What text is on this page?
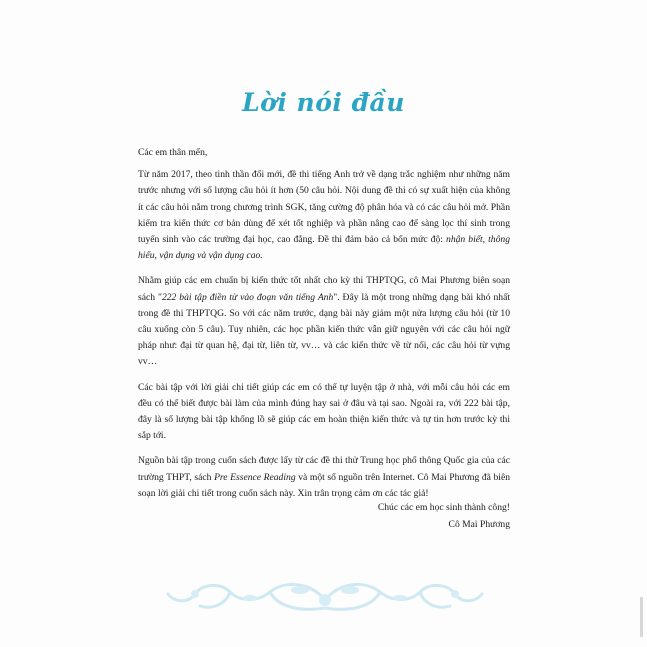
Lời nói đầu

Các em thân mến,

Từ năm 2017, theo tinh thần đổi mới, đề thi tiếng Anh trở về dạng trắc nghiệm như những năm trước nhưng với số lượng câu hỏi ít hơn (50 câu hỏi. Nội dung đề thi có sự xuất hiện của không ít các câu hỏi nằm trong chương trình SGK, tăng cường độ phân hóa và có các câu hỏi mở. Phần kiểm tra kiến thức cơ bản dùng để xét tốt nghiệp và phần nâng cao để sàng lọc thí sinh trong tuyển sinh vào các trường đại học, cao đẳng. Đề thi đảm bảo cả bốn mức độ: nhận biết, thông hiểu, vận dụng và vận dụng cao.

Nhằm giúp các em chuẩn bị kiến thức tốt nhất cho kỳ thi THPTQG, cô Mai Phương biên soạn sách "222 bài tập điền từ vào đoạn văn tiếng Anh". Đây là một trong những dạng bài khó nhất trong đề thi THPTQG. So với các năm trước, dạng bài này giảm một nửa lượng câu hỏi (từ 10 câu xuống còn 5 câu). Tuy nhiên, các học phần kiến thức vẫn giữ nguyên với các câu hỏi ngữ pháp như: đại từ quan hệ, đại từ, liên từ, vv… và các kiến thức về từ nối, các câu hỏi từ vựng vv…

Các bài tập với lời giải chi tiết giúp các em có thể tự luyện tập ở nhà, với mỗi câu hỏi các em đều có thể biết được bài làm của mình đúng hay sai ở đâu và tại sao. Ngoài ra, với 222 bài tập, đây là số lượng bài tập khổng lồ sẽ giúp các em hoàn thiện kiến thức và tự tin hơn trước kỳ thi sắp tới.

Nguồn bài tập trong cuốn sách được lấy từ các đề thi thử Trung học phổ thông Quốc gia của các trường THPT, sách Pre Essence Reading và một số nguồn trên Internet. Cô Mai Phương đã biên soạn lời giải chi tiết trong cuốn sách này. Xin trân trọng cảm ơn các tác giả!

Chúc các em học sinh thành công!
Cô Mai Phương
